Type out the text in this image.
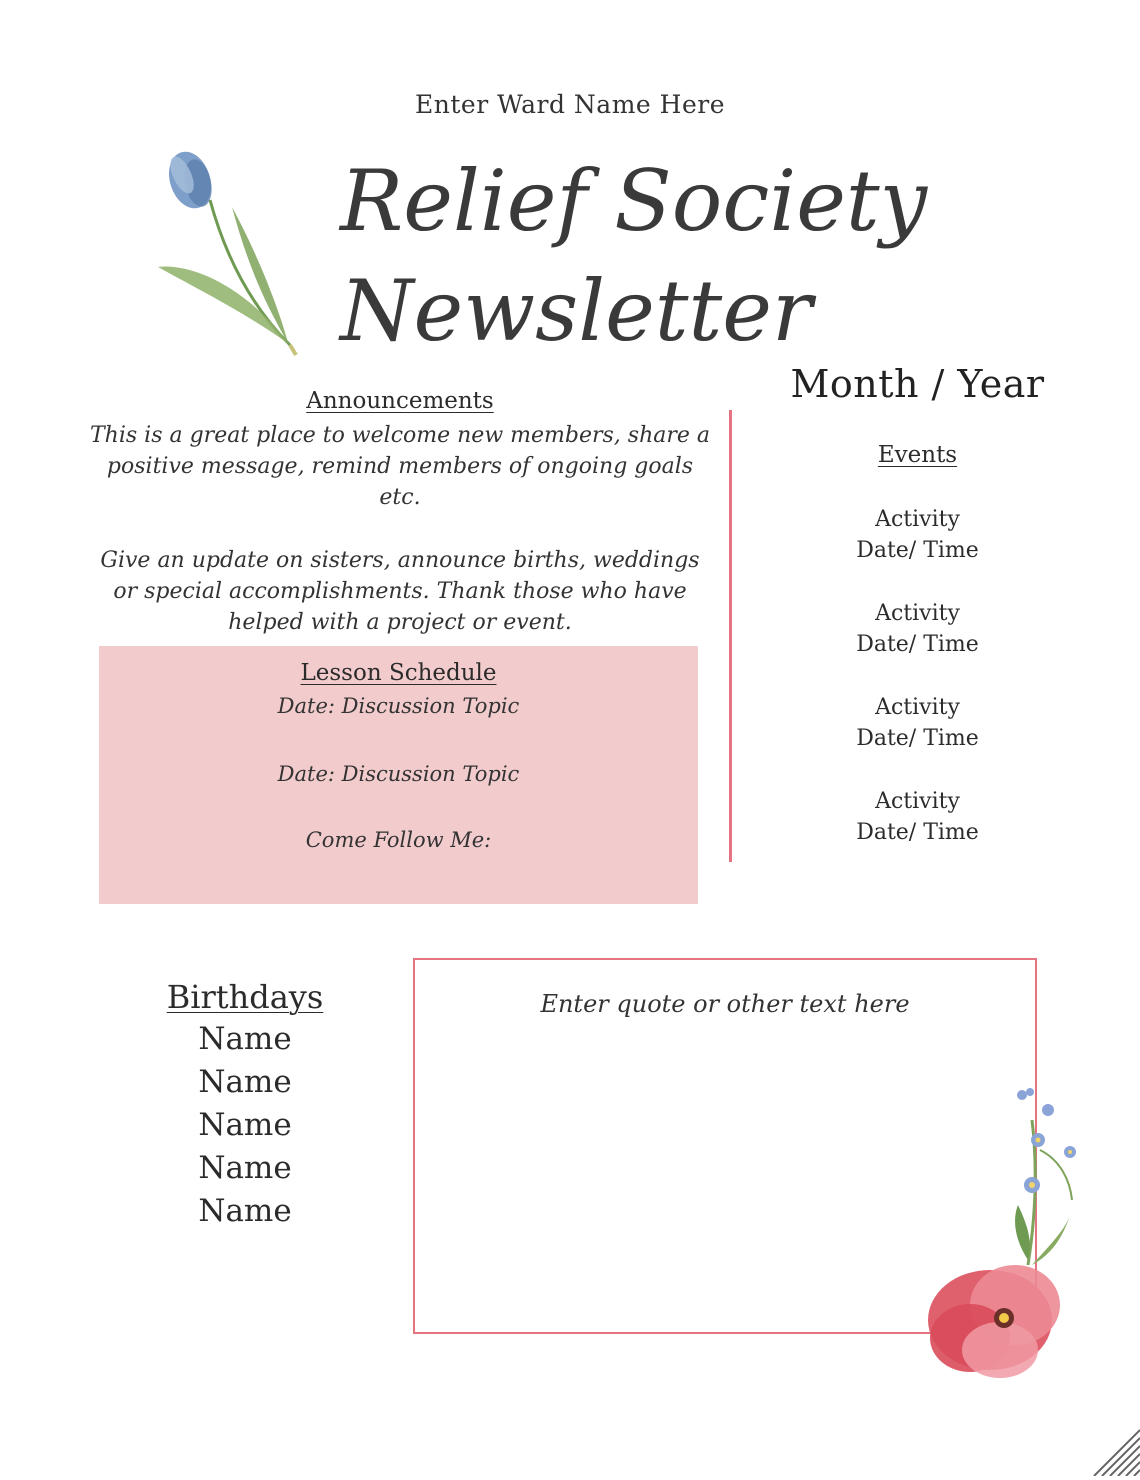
Enter Ward Name Here
Relief Society
Newsletter
Month / Year
Announcements

This is a great place to welcome new members, share a positive message, remind members of ongoing goals etc.

Give an update on sisters, announce births, weddings or special accomplishments. Thank those who have helped with a project or event.

Events
Activity
Date/ Time
Activity
Date/ Time
Activity
Date/ Time
Activity
Date/ Time
Lesson Schedule
Date: Discussion Topic
Date: Discussion Topic
Come Follow Me:
Birthdays
Name
Name
Name
Name
Name
Enter quote or other text here
